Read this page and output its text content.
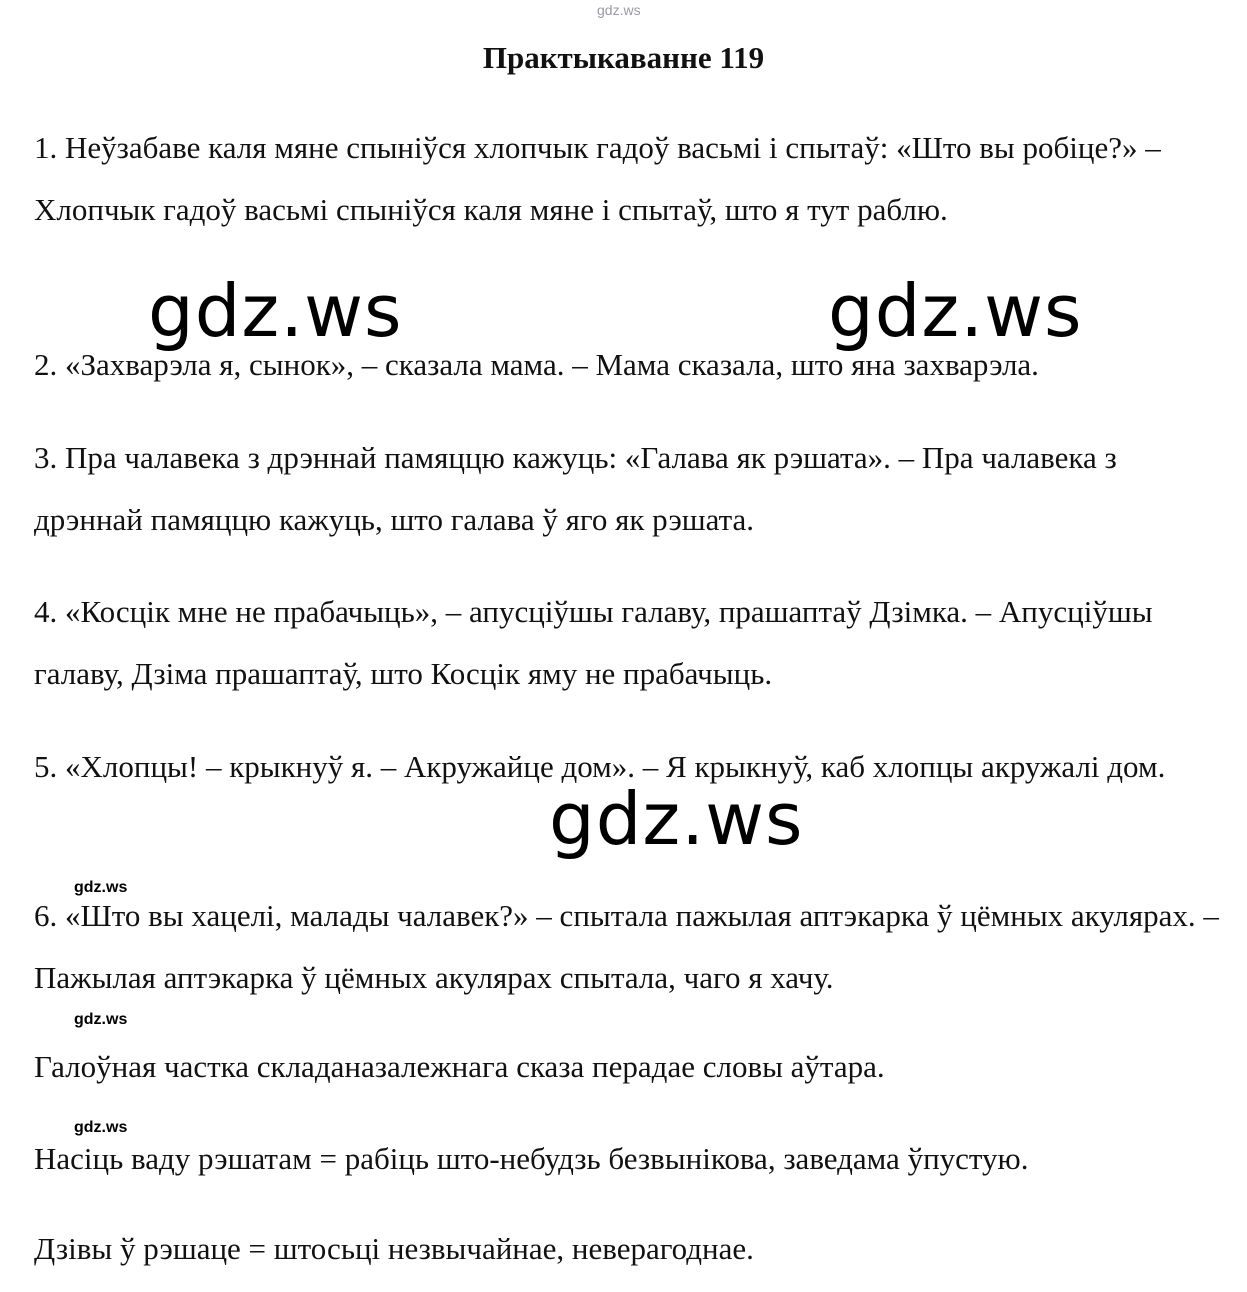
gdz.ws
Практыкаванне 119

1. Неўзабаве каля мяне спыніўся хлопчык гадоў васьмі і спытаў: «Што вы робіце?» – Хлопчык гадоў васьмі спыніўся каля мяне і спытаў, што я тут раблю.

2. «Захварэла я, сынок», – сказала мама. – Мама сказала, што яна захварэла.

3. Пра чалавека з дрэннай памяццю кажуць: «Галава як рэшата». – Пра чалавека з дрэннай памяццю кажуць, што галава ў яго як рэшата.

4. «Косцік мне не прабачыць», – апусціўшы галаву, прашаптаў Дзімка. – Апусціўшы галаву, Дзіма прашаптаў, што Косцік яму не прабачыць.

5. «Хлопцы! – крыкнуў я. – Акружайце дом». – Я крыкнуў, каб хлопцы акружалі дом.

6. «Што вы хацелі, малады чалавек?» – спытала пажылая аптэкарка ў цёмных акулярах. – Пажылая аптэкарка ў цёмных акулярах спытала, чаго я хачу.

Галоўная частка складаназалежнага сказа перадае словы аўтара.

Насіць ваду рэшатам = рабіць што-небудзь безвынікова, заведама ўпустую.

Дзівы ў рэшаце = штосьці незвычайнае, неверагоднае.

gdz.ws	gdz.ws
gdz.ws
gdz.ws
gdz.ws
gdz.ws
